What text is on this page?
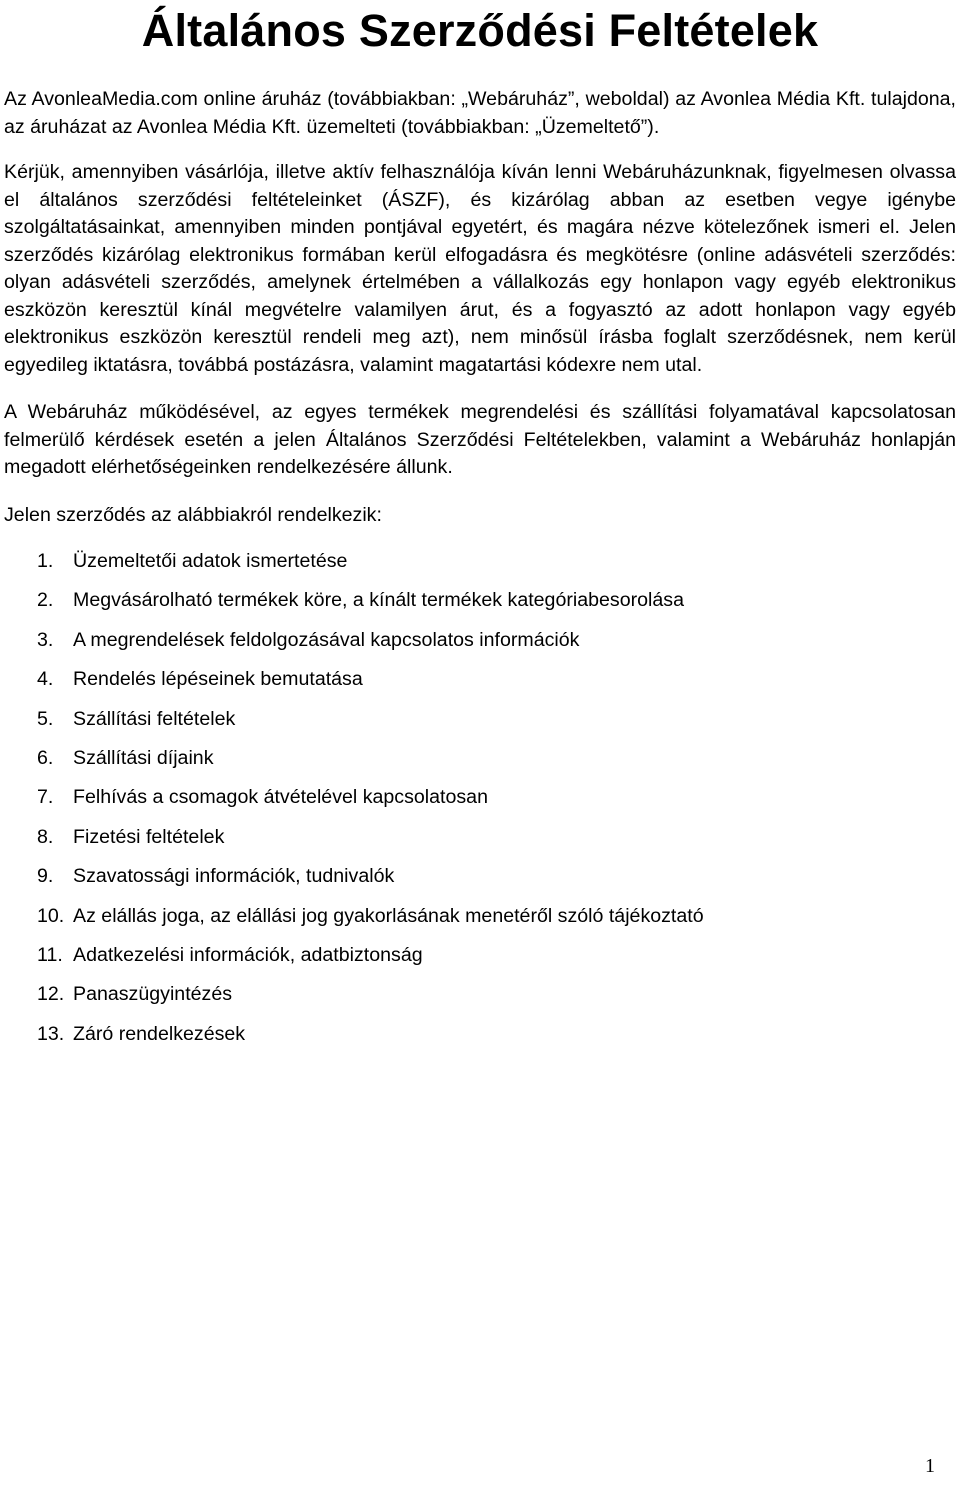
Általános Szerződési Feltételek

Az AvonleaMedia.com online áruház (továbbiakban: „Webáruház”, weboldal) az Avonlea Média Kft. tulajdona, az áruházat az Avonlea Média Kft. üzemelteti (továbbiakban: „Üzemeltető”).

Kérjük, amennyiben vásárlója, illetve aktív felhasználója kíván lenni Webáruházunknak, figyelmesen olvassa el általános szerződési feltételeinket (ÁSZF), és kizárólag abban az esetben vegye igénybe szolgáltatásainkat, amennyiben minden pontjával egyetért, és magára nézve kötelezőnek ismeri el. Jelen szerződés kizárólag elektronikus formában kerül elfogadásra és megkötésre (online adásvételi szerződés: olyan adásvételi szerződés, amelynek értelmében a vállalkozás egy honlapon vagy egyéb elektronikus eszközön keresztül kínál megvételre valamilyen árut, és a fogyasztó az adott honlapon vagy egyéb elektronikus eszközön keresztül rendeli meg azt), nem minősül írásba foglalt szerződésnek, nem kerül egyedileg iktatásra, továbbá postázásra, valamint magatartási kódexre nem utal.

A Webáruház működésével, az egyes termékek megrendelési és szállítási folyamatával kapcsolatosan felmerülő kérdések esetén a jelen Általános Szerződési Feltételekben, valamint a Webáruház honlapján megadott elérhetőségeinken rendelkezésére állunk.

Jelen szerződés az alábbiakról rendelkezik:

1.	Üzemeltetői adatok ismertetése
2.	Megvásárolható termékek köre, a kínált termékek kategóriabesorolása
3.	A megrendelések feldolgozásával kapcsolatos információk
4.	Rendelés lépéseinek bemutatása
5.	Szállítási feltételek
6.	Szállítási díjaink
7.	Felhívás a csomagok átvételével kapcsolatosan
8.	Fizetési feltételek
9.	Szavatossági információk, tudnivalók
10. Az elállás joga, az elállási jog gyakorlásának menetéről szóló tájékoztató
11. Adatkezelési információk, adatbiztonság
12. Panaszügyintézés
13. Záró rendelkezések
1
